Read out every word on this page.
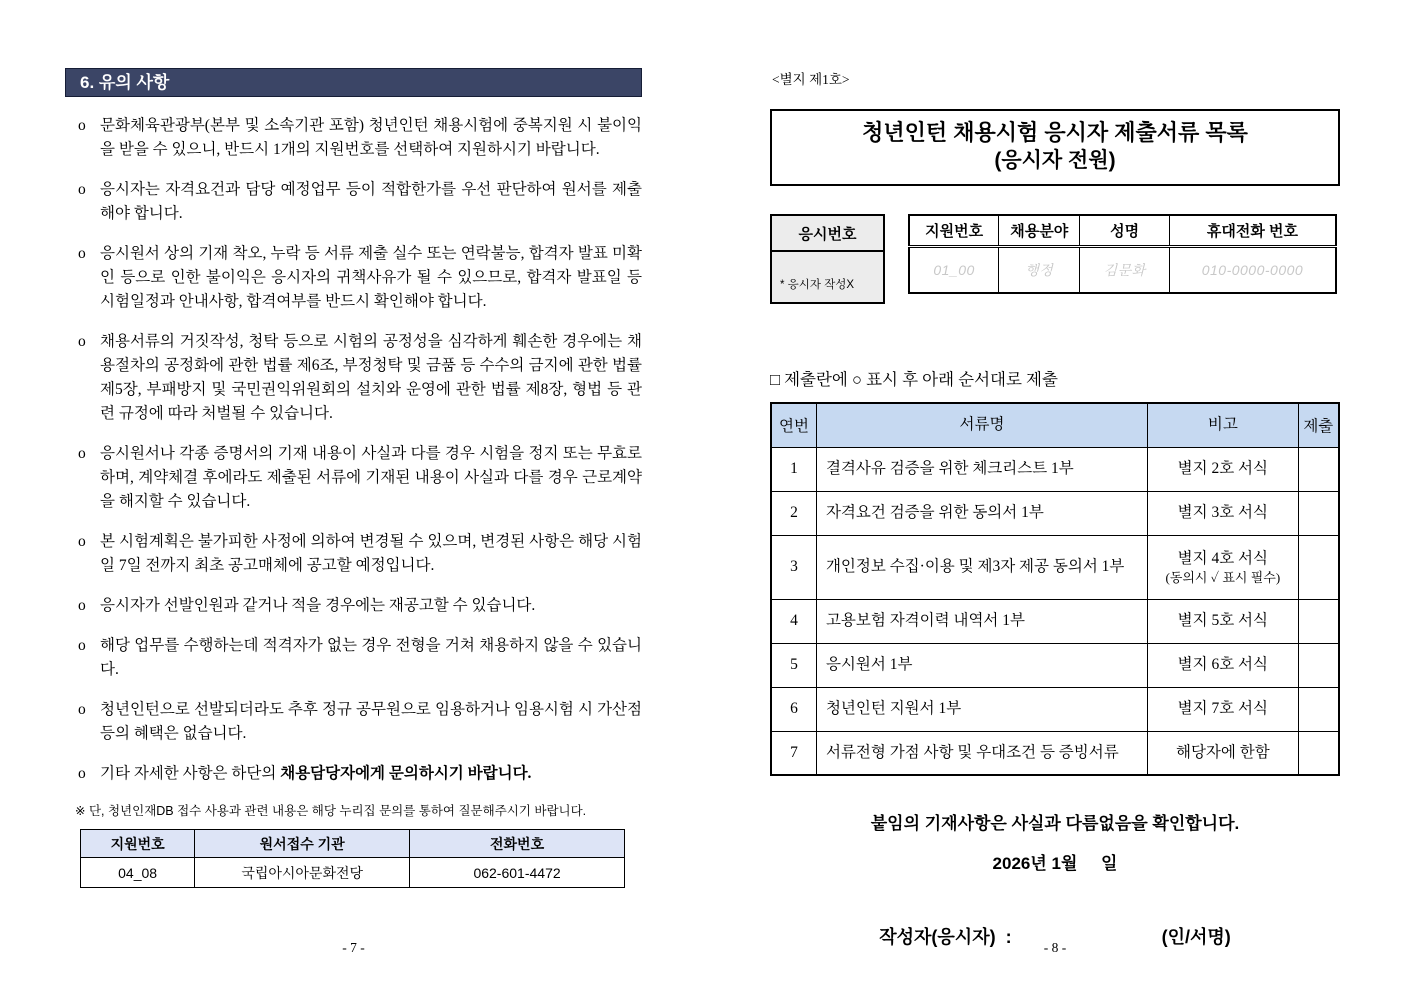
6. 유의 사항
o 문화체육관광부(본부 및 소속기관 포함) 청년인턴 채용시험에 중복지원 시 불이익을 받을 수 있으니, 반드시 1개의 지원번호를 선택하여 지원하시기 바랍니다.
o 응시자는 자격요건과 담당 예정업무 등이 적합한가를 우선 판단하여 원서를 제출해야 합니다.
o 응시원서 상의 기재 착오, 누락 등 서류 제출 실수 또는 연락불능, 합격자 발표 미확인 등으로 인한 불이익은 응시자의 귀책사유가 될 수 있으므로, 합격자 발표일 등 시험일정과 안내사항, 합격여부를 반드시 확인해야 합니다.
o 채용서류의 거짓작성, 청탁 등으로 시험의 공정성을 심각하게 훼손한 경우에는 채용절차의 공정화에 관한 법률 제6조, 부정청탁 및 금품 등 수수의 금지에 관한 법률 제5장, 부패방지 및 국민권익위원회의 설치와 운영에 관한 법률 제8장, 형법 등 관련 규정에 따라 처벌될 수 있습니다.
o 응시원서나 각종 증명서의 기재 내용이 사실과 다를 경우 시험을 정지 또는 무효로 하며, 계약체결 후에라도 제출된 서류에 기재된 내용이 사실과 다를 경우 근로계약을 해지할 수 있습니다.
o 본 시험계획은 불가피한 사정에 의하여 변경될 수 있으며, 변경된 사항은 해당 시험일 7일 전까지 최초 공고매체에 공고할 예정입니다.
o 응시자가 선발인원과 같거나 적을 경우에는 재공고할 수 있습니다.
o 해당 업무를 수행하는데 적격자가 없는 경우 전형을 거쳐 채용하지 않을 수 있습니다.
o 청년인턴으로 선발되더라도 추후 정규 공무원으로 임용하거나 임용시험 시 가산점 등의 혜택은 없습니다.
o 기타 자세한 사항은 하단의 채용담당자에게 문의하시기 바랍니다.
※ 단, 청년인재DB 접수 사용과 관련 내용은 해당 누리집 문의를 통하여 질문해주시기 바랍니다.
지원번호	원서접수 기관	전화번호
04_08	국립아시아문화전당	062-601-4472
- 7 -
<별지 제1호>
청년인턴 채용시험 응시자 제출서류 목록
(응시자 전원)
응시번호
* 응시자 작성X
지원번호	채용분야	성명	휴대전화 번호
01_00	행정	김문화	010-0000-0000
□ 제출란에 ○ 표시 후 아래 순서대로 제출
연번	서류명	비고	제출
1	결격사유 검증을 위한 체크리스트 1부	별지 2호 서식	
2	자격요건 검증을 위한 동의서 1부	별지 3호 서식	
3	개인정보 수집·이용 및 제3자 제공 동의서 1부	별지 4호 서식
(동의시 ✓ 표시 필수)	

4	고용보험 자격이력 내역서 1부	별지 5호 서식	
5	응시원서 1부	별지 6호 서식	
6	청년인턴 지원서 1부	별지 7호 서식	
7	서류전형 가점 사항 및 우대조건 등 증빙서류	해당자에 한함	
붙임의 기재사항은 사실과 다름없음을 확인합니다.
2026년 1월     일
작성자(응시자)  :	(인/서명)
- 8 -
